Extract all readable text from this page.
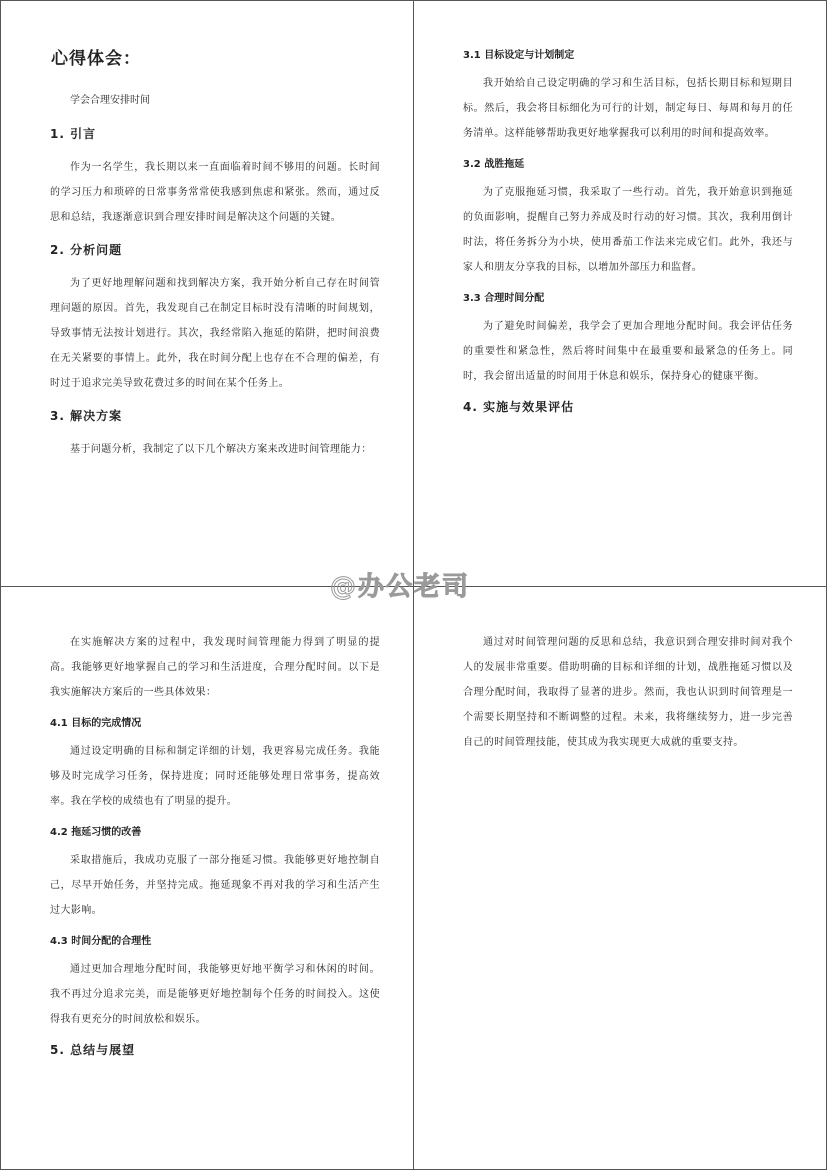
心得体会：
学会合理安排时间
1. 引言
作为一名学生，我长期以来一直面临着时间不够用的问题。长时间的学习压力和琐碎的日常事务常常使我感到焦虑和紧张。然而，通过反思和总结，我逐渐意识到合理安排时间是解决这个问题的关键。
2. 分析问题
为了更好地理解问题和找到解决方案，我开始分析自己存在时间管理问题的原因。首先，我发现自己在制定目标时没有清晰的时间规划，导致事情无法按计划进行。其次，我经常陷入拖延的陷阱，把时间浪费在无关紧要的事情上。此外，我在时间分配上也存在不合理的偏差，有时过于追求完美导致花费过多的时间在某个任务上。
3. 解决方案
基于问题分析，我制定了以下几个解决方案来改进时间管理能力：
3.1 目标设定与计划制定
我开始给自己设定明确的学习和生活目标，包括长期目标和短期目标。然后，我会将目标细化为可行的计划，制定每日、每周和每月的任务清单。这样能够帮助我更好地掌握我可以利用的时间和提高效率。
3.2 战胜拖延
为了克服拖延习惯，我采取了一些行动。首先，我开始意识到拖延的负面影响，提醒自己努力养成及时行动的好习惯。其次，我利用倒计时法，将任务拆分为小块，使用番茄工作法来完成它们。此外，我还与家人和朋友分享我的目标，以增加外部压力和监督。
3.3 合理时间分配
为了避免时间偏差，我学会了更加合理地分配时间。我会评估任务的重要性和紧急性，然后将时间集中在最重要和最紧急的任务上。同时，我会留出适量的时间用于休息和娱乐，保持身心的健康平衡。
4. 实施与效果评估
在实施解决方案的过程中，我发现时间管理能力得到了明显的提高。我能够更好地掌握自己的学习和生活进度，合理分配时间。以下是我实施解决方案后的一些具体效果：
4.1 目标的完成情况
通过设定明确的目标和制定详细的计划，我更容易完成任务。我能够及时完成学习任务，保持进度；同时还能够处理日常事务，提高效率。我在学校的成绩也有了明显的提升。
4.2 拖延习惯的改善
采取措施后，我成功克服了一部分拖延习惯。我能够更好地控制自己，尽早开始任务，并坚持完成。拖延现象不再对我的学习和生活产生过大影响。
4.3 时间分配的合理性
通过更加合理地分配时间，我能够更好地平衡学习和休闲的时间。我不再过分追求完美，而是能够更好地控制每个任务的时间投入。这使得我有更充分的时间放松和娱乐。
5. 总结与展望
通过对时间管理问题的反思和总结，我意识到合理安排时间对我个人的发展非常重要。借助明确的目标和详细的计划，战胜拖延习惯以及合理分配时间，我取得了显著的进步。然而，我也认识到时间管理是一个需要长期坚持和不断调整的过程。未来，我将继续努力，进一步完善自己的时间管理技能，使其成为我实现更大成就的重要支持。
@办公老司
